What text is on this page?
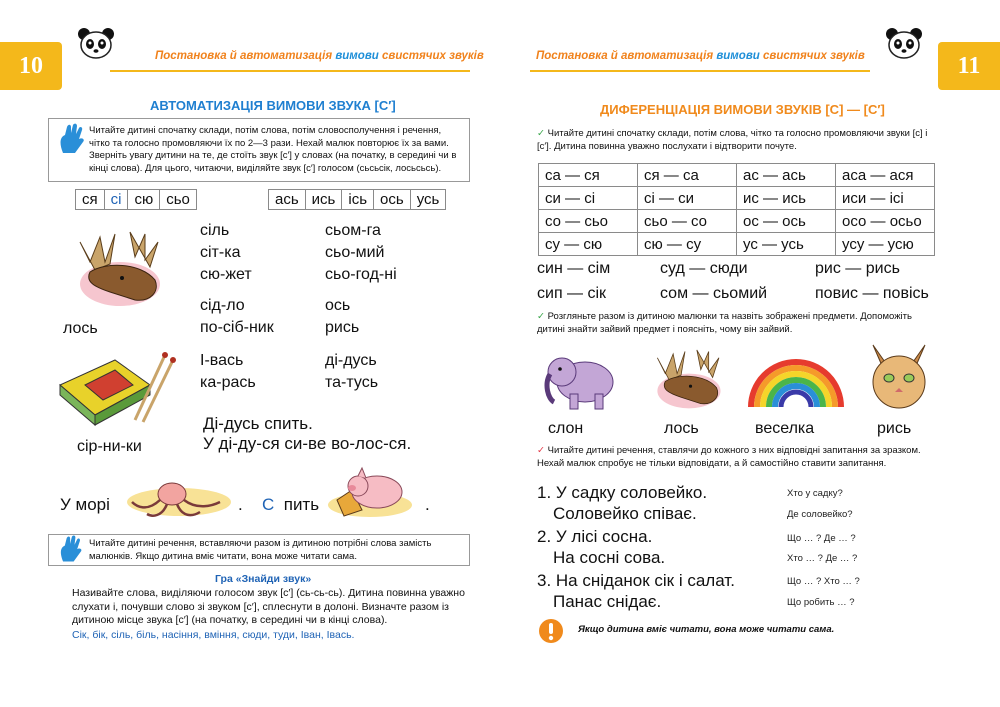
10	Постановка й автоматизація вимови свистячих звуків
АВТОМАТИЗАЦІЯ ВИМОВИ ЗВУКА [С′]
Читайте дитині спочатку склади, потім слова, потім словосполучення і речення, чітко та голосно промовляючи їх по 2—3 рази. Нехай малюк повторює їх за вами. Зверніть увагу дитини на те, де стоїть звук [с′] у словах (на початку, в середині чи в кінці слова). Для цього, читаючи, виділяйте звук [с′] голосом (сьсьсік, лосьсьсь).
ся	сі	сю	сьо	ась	ись	ісь	ось	усь
лось
сіль
сіт-ка
сю-жет
сьом-га
сьо-мий
сьо-год-ні
сід-ло
по-сіб-ник
ось
рись
І-вась
ка-рась
ді-дусь
та-тусь
сір-ни-ки
Ді-дусь спить.
У ді-ду-ся си-ве во-лос-ся.
У морі	. С пить	.
Читайте дитині речення, вставляючи разом із дитиною потрібні слова замість малюнків. Якщо дитина вміє читати, вона може читати сама.
Гра «Знайди звук»
Називайте слова, виділяючи голосом звук [с′] (сь-сь-сь). Дитина повинна уважно слухати і, почувши слово зі звуком [с′], сплеснути в долоні. Визначте разом із дитиною місце звука [с′] (на початку, в середині чи в кінці слова).
Сік, бік, сіль, біль, насіння, вміння, сюди, туди, Іван, Івась.
Постановка й автоматизація вимови свистячих звуків	11
ДИФЕРЕНЦІАЦІЯ ВИМОВИ ЗВУКІВ [С] — [С′]
✓ Читайте дитині спочатку склади, потім слова, чітко та голосно промовляючи звуки [с] і [с′]. Дитина повинна уважно послухати і відтворити почуте.
са — ся	ся — са	ас — ась	аса — ася
си — сі	сі — си	ис — ись	иси — ісі
со — сьо	сьо — со	ос — ось	осо — осьо
су — сю	сю — су	ус — усь	усу — усю
син — сім	суд — сюди	рис — рись
сип — сік	сом — сьомий	повис — повісь
✓ Розгляньте разом із дитиною малюнки та назвіть зображені предмети. Допоможіть дитині знайти зайвий предмет і поясніть, чому він зайвий.
слон	лось	веселка	рись
✓ Читайте дитині речення, ставлячи до кожного з них відповідні запитання за зразком. Нехай малюк спробує не тільки відповідати, а й самостійно ставити запитання.
1. У садку соловейко.	Хто у садку?
Соловейко співає.	Де соловейко?
2. У лісі сосна.	Що … ? Де … ?
На сосні сова.	Хто … ? Де … ?
3. На сніданок сік і салат.	Що … ? Хто … ?
Панас снідає.	Що робить … ?
Якщо дитина вміє читати, вона може читати сама.
